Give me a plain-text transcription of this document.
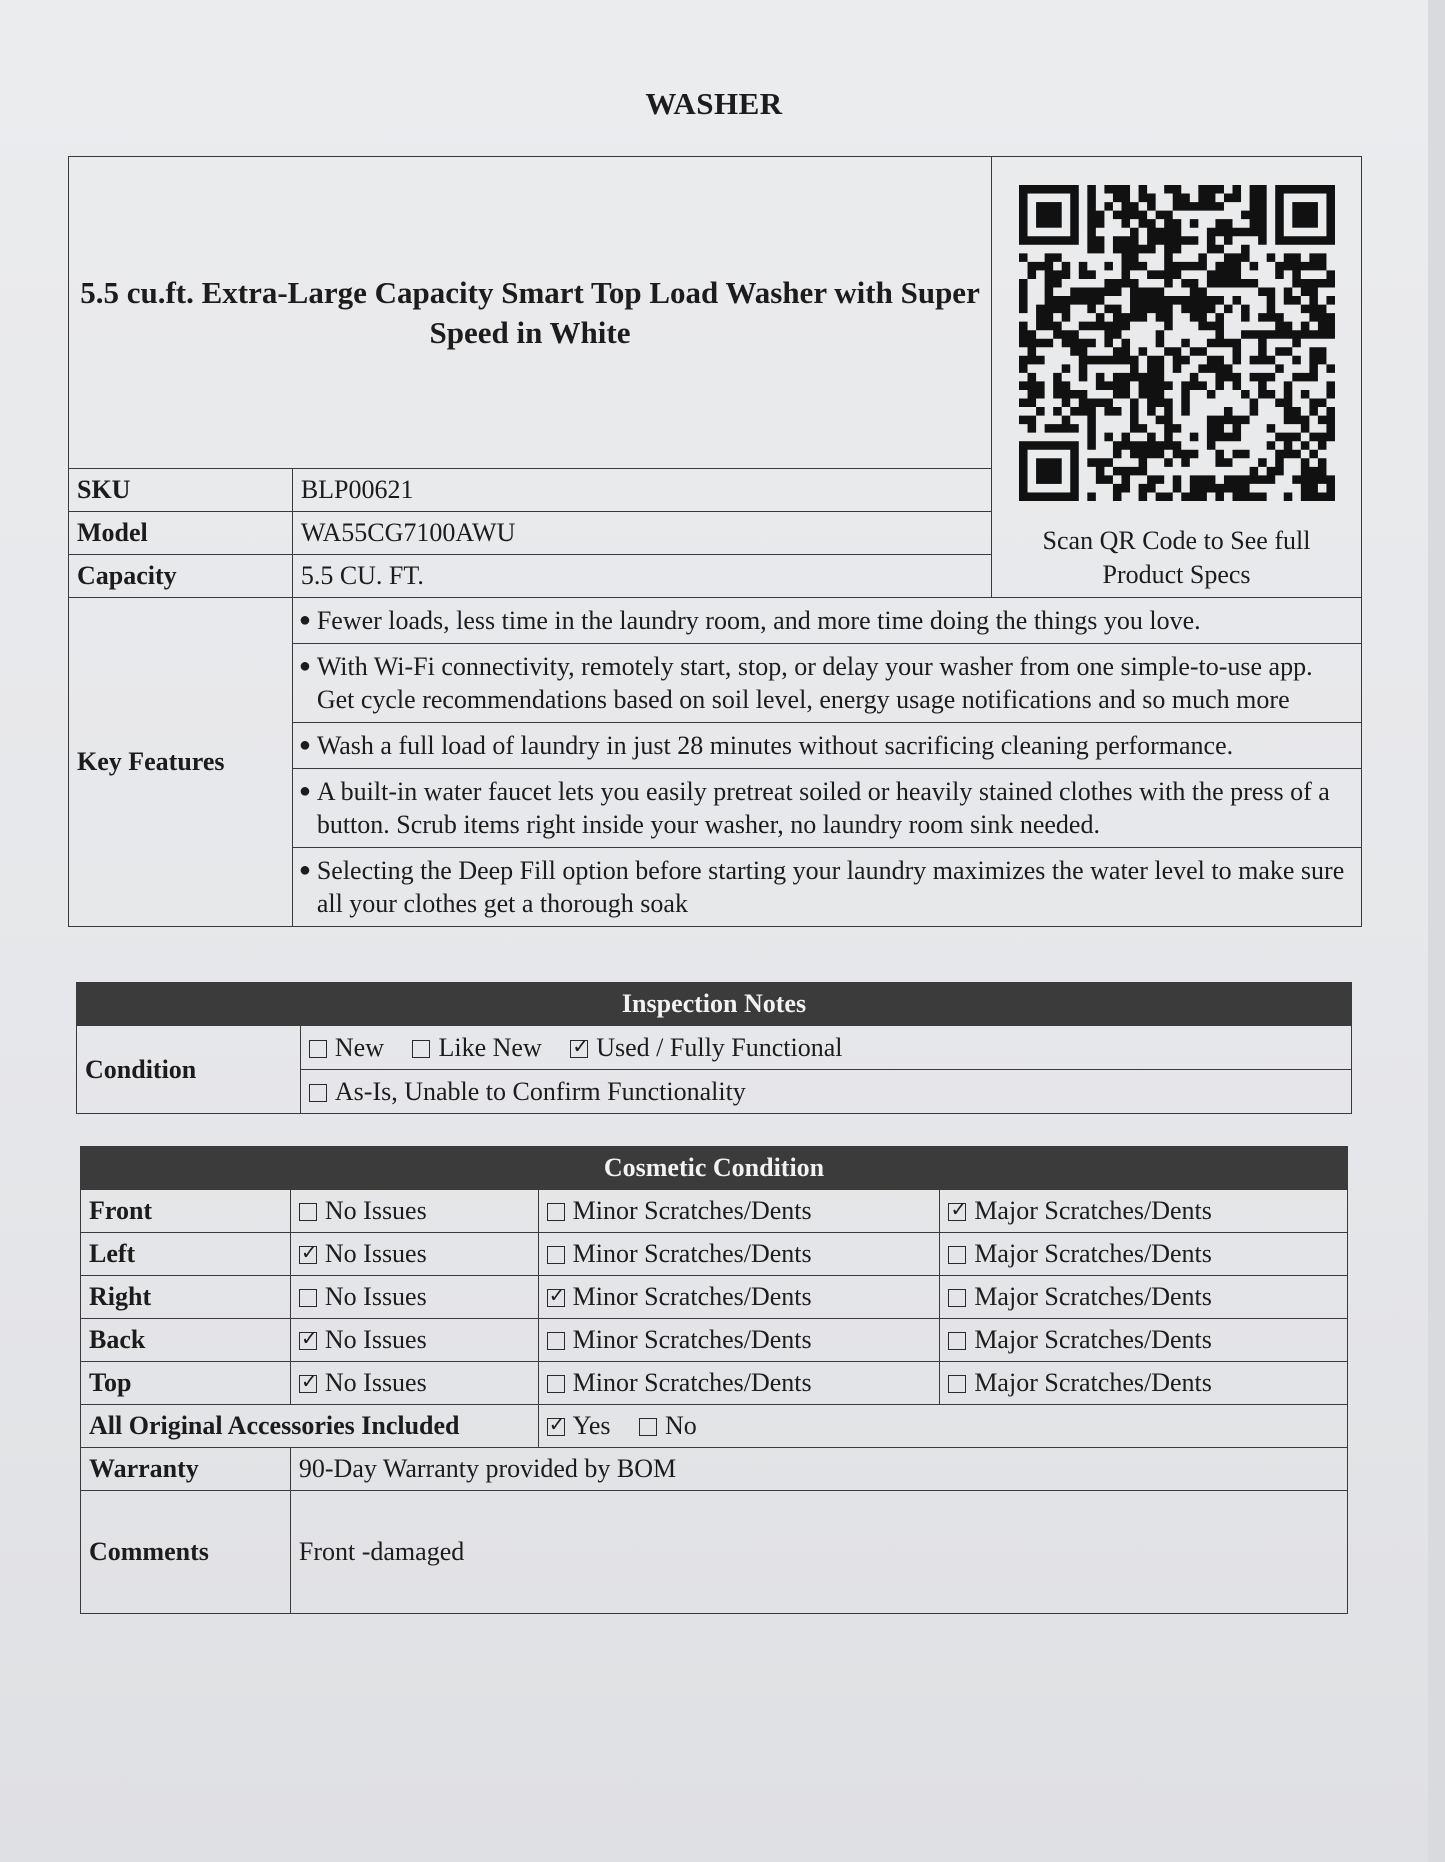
WASHER
5.5 cu.ft. Extra-Large Capacity Smart Top Load Washer with Super Speed in White		Scan QR Code to See full Product Specs

SKU	BLP00621	
Model	WA55CG7100AWU	
Capacity	5.5 CU. FT.	
Key Features	● Fewer loads, less time in the laundry room, and more time doing the things you love.	
	● With Wi-Fi connectivity, remotely start, stop, or delay your washer from one simple-to-use app. Get cycle recommendations based on soil level, energy usage notifications and so much more	
	● Wash a full load of laundry in just 28 minutes without sacrificing cleaning performance.	
	● A built-in water faucet lets you easily pretreat soiled or heavily stained clothes with the press of a button. Scrub items right inside your washer, no laundry room sink needed.	
	● Selecting the Deep Fill option before starting your laundry maximizes the water level to make sure all your clothes get a thorough soak	
Inspection Notes
Condition	New Like New ✓ Used / Fully Functional
As-Is, Unable to Confirm Functionality
Cosmetic Condition			
Front	No Issues	Minor Scratches/Dents	✓Major Scratches/Dents
Left	✓No Issues	Minor Scratches/Dents	Major Scratches/Dents
Right	No Issues	✓Minor Scratches/Dents	Major Scratches/Dents
Back	✓No Issues	Minor Scratches/Dents	Major Scratches/Dents
Top	✓No Issues	Minor Scratches/Dents	Major Scratches/Dents
All Original Accessories Included	✓Yes No
Warranty	90-Day Warranty provided by BOM		
Comments	Front -damaged		
